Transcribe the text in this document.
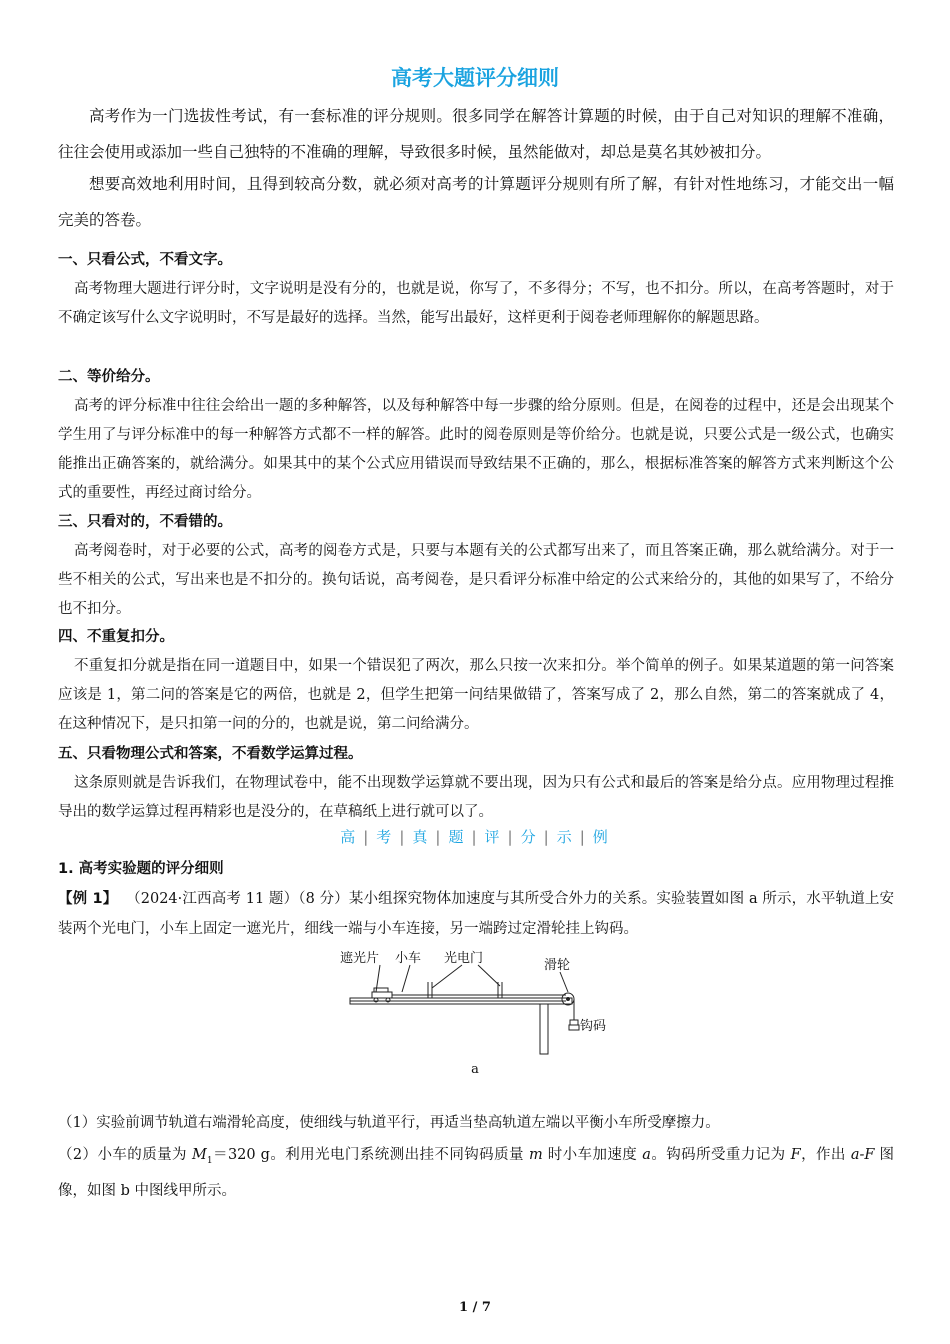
高考大题评分细则
高考作为一门选拔性考试，有一套标准的评分规则。很多同学在解答计算题的时候，由于自己对知识的理解不准确，往往会使用或添加一些自己独特的不准确的理解，导致很多时候，虽然能做对，却总是莫名其妙被扣分。
想要高效地利用时间，且得到较高分数，就必须对高考的计算题评分规则有所了解，有针对性地练习，才能交出一幅完美的答卷。
一、只看公式，不看文字。
高考物理大题进行评分时，文字说明是没有分的，也就是说，你写了，不多得分；不写，也不扣分。所以，在高考答题时，对于不确定该写什么文字说明时，不写是最好的选择。当然，能写出最好，这样更利于阅卷老师理解你的解题思路。
二、等价给分。
高考的评分标准中往往会给出一题的多种解答，以及每种解答中每一步骤的给分原则。但是，在阅卷的过程中，还是会出现某个学生用了与评分标准中的每一种解答方式都不一样的解答。此时的阅卷原则是等价给分。也就是说，只要公式是一级公式，也确实能推出正确答案的，就给满分。如果其中的某个公式应用错误而导致结果不正确的，那么，根据标准答案的解答方式来判断这个公式的重要性，再经过商讨给分。
三、只看对的，不看错的。
高考阅卷时，对于必要的公式，高考的阅卷方式是，只要与本题有关的公式都写出来了，而且答案正确，那么就给满分。对于一些不相关的公式，写出来也是不扣分的。换句话说，高考阅卷，是只看评分标准中给定的公式来给分的，其他的如果写了，不给分也不扣分。
四、不重复扣分。
不重复扣分就是指在同一道题目中，如果一个错误犯了两次，那么只按一次来扣分。举个简单的例子。如果某道题的第一问答案应该是 1，第二问的答案是它的两倍，也就是 2，但学生把第一问结果做错了，答案写成了 2，那么自然，第二的答案就成了 4，在这种情况下，是只扣第一问的分的，也就是说，第二问给满分。
五、只看物理公式和答案，不看数学运算过程。
这条原则就是告诉我们，在物理试卷中，能不出现数学运算就不要出现，因为只有公式和最后的答案是给分点。应用物理过程推导出的数学运算过程再精彩也是没分的，在草稿纸上进行就可以了。
高 | 考 | 真 | 题 | 评 | 分 | 示 | 例
1. 高考实验题的评分细则
【例 1】 （2024·江西高考 11 题）（8 分）某小组探究物体加速度与其所受合外力的关系。实验装置如图 a 所示，水平轨道上安装两个光电门，小车上固定一遮光片，细线一端与小车连接，另一端跨过定滑轮挂上钩码。
遮光片 小车 光电门	滑轮
钩码
a
（1）实验前调节轨道右端滑轮高度，使细线与轨道平行，再适当垫高轨道左端以平衡小车所受摩擦力。
（2）小车的质量为 $M_1=320$ g。利用光电门系统测出挂不同钩码质量 m 时小车加速度 a。钩码所受重力记为 F，作出 a-F 图像，如图 b 中图线甲所示。
1 / 7
